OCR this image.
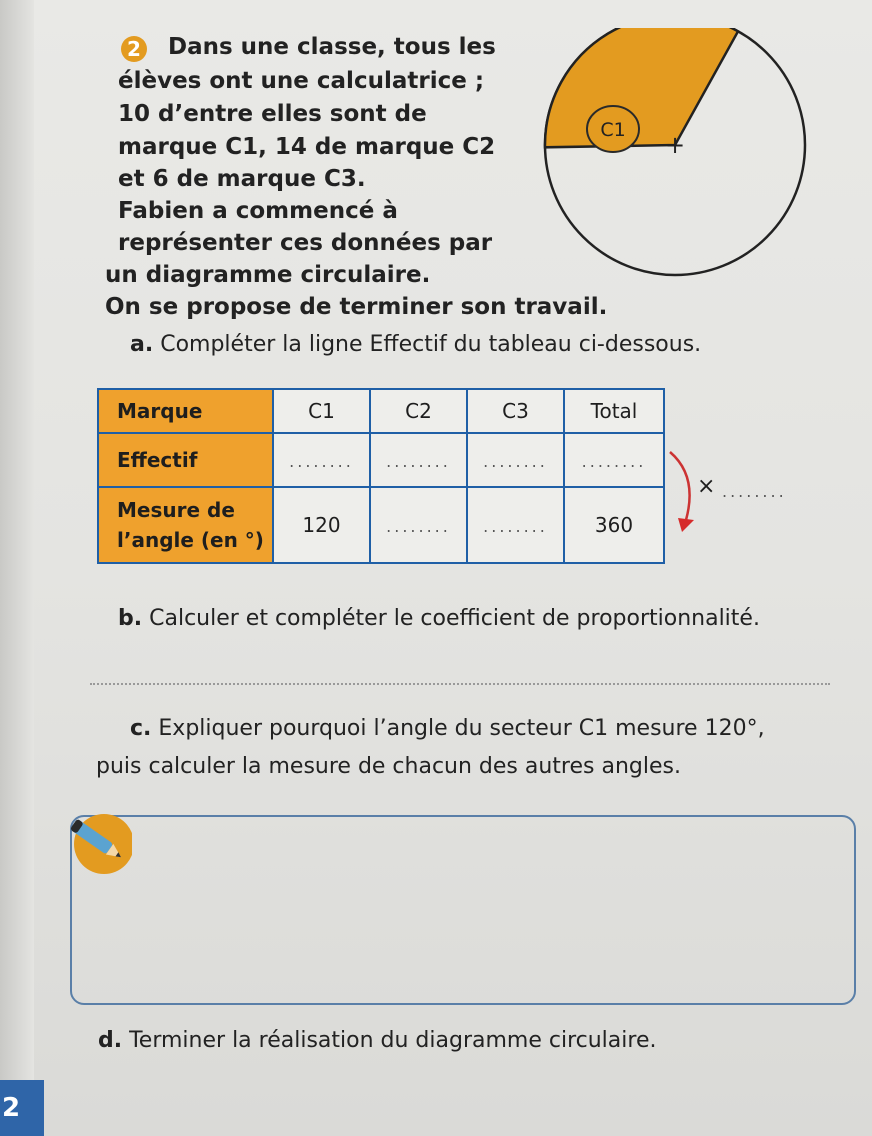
2 Dans une classe, tous les
élèves ont une calculatrice ;
10 d’entre elles sont de
marque C1, 14 de marque C2
et 6 de marque C3.
Fabien a commencé à
représenter ces données par
un diagramme circulaire.
On se propose de terminer son travail.
C1
+
a. Compléter la ligne Effectif du tableau ci-dessous.
Marque	C1	C2	C3	Total
Effectif	........	........	........	........

Mesure de
l’angle (en °)	120	........	........	360
× ........
b. Calculer et compléter le coefficient de proportionnalité.
c. Expliquer pourquoi l’angle du secteur C1 mesure 120°,
puis calculer la mesure de chacun des autres angles.
d. Terminer la réalisation du diagramme circulaire.
2
